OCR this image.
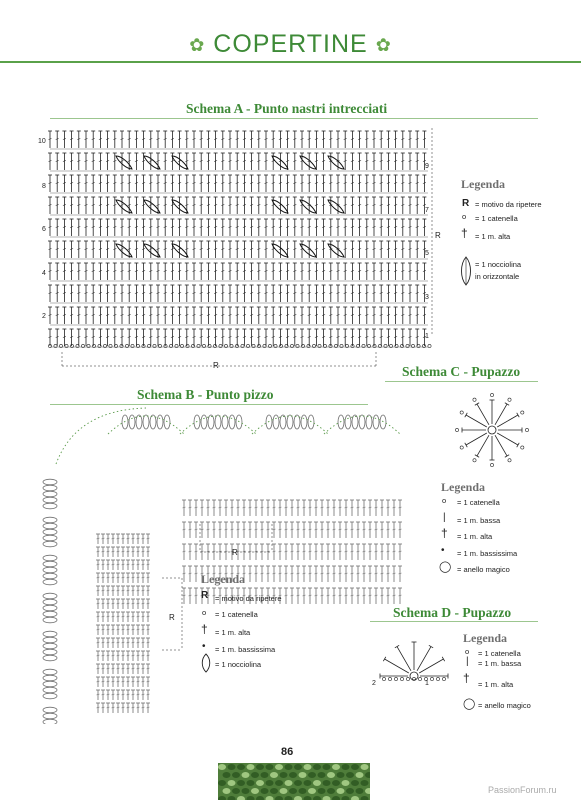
✿ COPERTINE ✿
Schema A - Punto nastri intrecciati
10
8
6
4
2
9
7
5
3
1
R
R
Legenda
R = motivo da ripetere
o = 1 catenella
† = 1 m. alta
= 1 nocciolina
in orizzontale
Schema C - Pupazzo
Schema B - Punto pizzo
R
R
Legenda
R = motivo da ripetere
o = 1 catenella
† = 1 m. alta
• = 1 m. bassissima
= 1 nocciolina
Legenda
o = 1 catenella
| = 1 m. bassa
† = 1 m. alta
• = 1 m. bassissima
◯ = anello magico
Schema D - Pupazzo
2	1
Legenda
o = 1 catenella
| = 1 m. bassa
† = 1 m. alta
◯ = anello magico
86
PassionForum.ru
